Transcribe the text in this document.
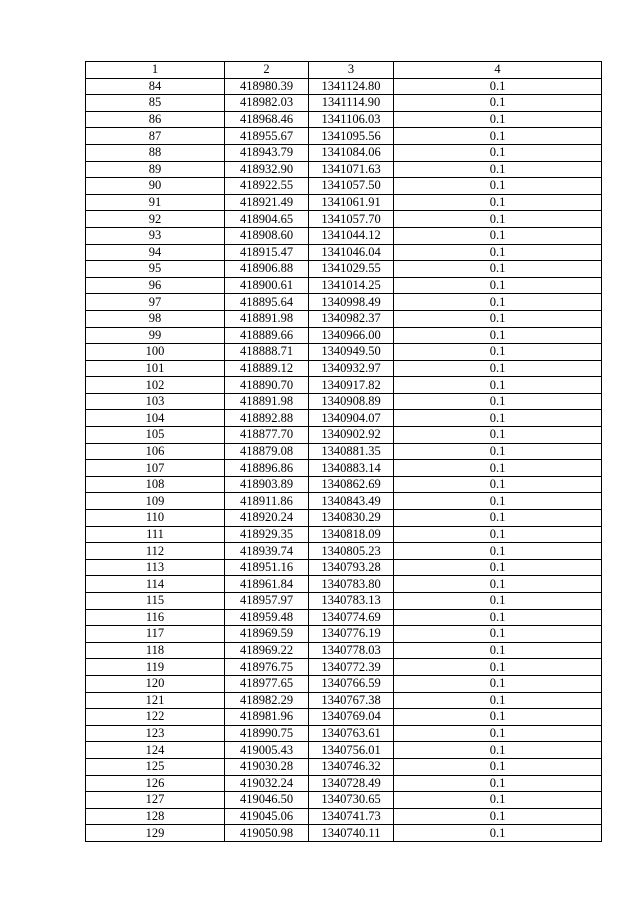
1	2	3	4
84	418980.39	1341124.80	0.1
85	418982.03	1341114.90	0.1
86	418968.46	1341106.03	0.1
87	418955.67	1341095.56	0.1
88	418943.79	1341084.06	0.1
89	418932.90	1341071.63	0.1
90	418922.55	1341057.50	0.1
91	418921.49	1341061.91	0.1
92	418904.65	1341057.70	0.1
93	418908.60	1341044.12	0.1
94	418915.47	1341046.04	0.1
95	418906.88	1341029.55	0.1
96	418900.61	1341014.25	0.1
97	418895.64	1340998.49	0.1
98	418891.98	1340982.37	0.1
99	418889.66	1340966.00	0.1
100	418888.71	1340949.50	0.1
101	418889.12	1340932.97	0.1
102	418890.70	1340917.82	0.1
103	418891.98	1340908.89	0.1
104	418892.88	1340904.07	0.1
105	418877.70	1340902.92	0.1
106	418879.08	1340881.35	0.1
107	418896.86	1340883.14	0.1
108	418903.89	1340862.69	0.1
109	418911.86	1340843.49	0.1
110	418920.24	1340830.29	0.1
111	418929.35	1340818.09	0.1
112	418939.74	1340805.23	0.1
113	418951.16	1340793.28	0.1
114	418961.84	1340783.80	0.1
115	418957.97	1340783.13	0.1
116	418959.48	1340774.69	0.1
117	418969.59	1340776.19	0.1
118	418969.22	1340778.03	0.1
119	418976.75	1340772.39	0.1
120	418977.65	1340766.59	0.1
121	418982.29	1340767.38	0.1
122	418981.96	1340769.04	0.1
123	418990.75	1340763.61	0.1
124	419005.43	1340756.01	0.1
125	419030.28	1340746.32	0.1
126	419032.24	1340728.49	0.1
127	419046.50	1340730.65	0.1
128	419045.06	1340741.73	0.1
129	419050.98	1340740.11	0.1
